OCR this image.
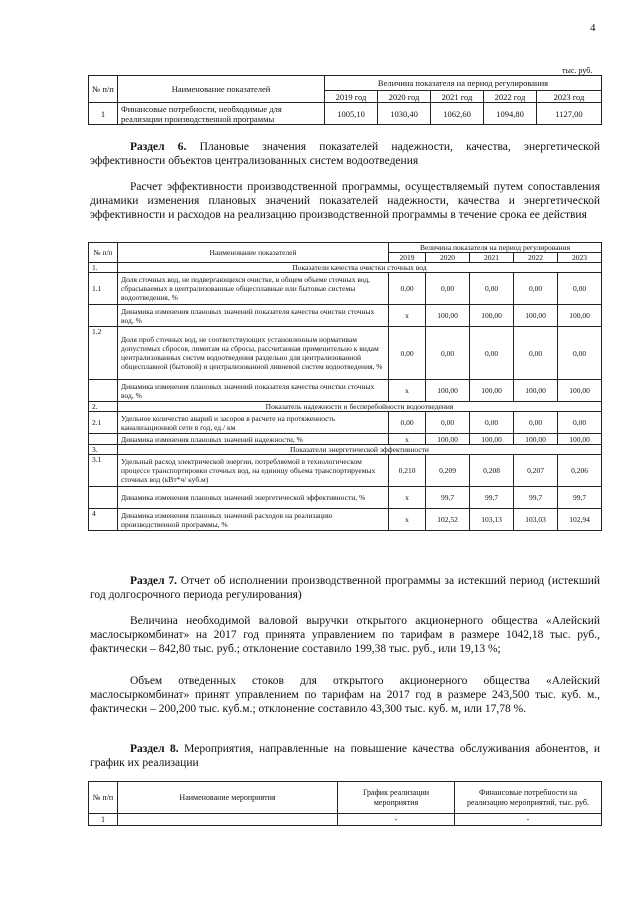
4
тыс. руб.
№ п/п	Наименование показателей	Величина показателя на период регулирования				
		2019 год	2020 год	2021 год	2022 год	2023 год
1	Финансовые потребности, необходимые для реализации производственной программы	1005,10	1030,40	1062,60	1094,80	1127,00
Раздел 6. Плановые значения показателей надежности, качества, энергетической эффективности объектов централизованных систем водоотведения
Расчет эффективности производственной программы, осуществляемый путем сопоставления динамики изменения плановых значений показателей надежности, качества и энергетической эффективности и расходов на реализацию производственной программы в течение срока ее действия
№ п/п	Наименование показателей	Величина показателя на период регулирования				
		2019	2020	2021	2022	2023
1.	Показатели качества очистки сточных вод					
1.1	Доля сточных вод, не подвергающихся очистке, в общем объеме сточных вод, сбрасываемых в централизованные общесплавные или бытовые системы водоотведения, %	0,00	0,00	0,00	0,00	0,00
	Динамика изменения плановых значений показателя качества очистки сточных вод, %	х	100,00	100,00	100,00	100,00
1.2	Доля проб сточных вод, не соответствующих установленным нормативам допустимых сбросов, лимитам на сбросы, рассчитанная применительно к видам централизованных систем водоотведения раздельно для централизованной общесплавной (бытовой) и централизованной ливневой систем водоотведения, %	0,00	0,00	0,00	0,00	0,00
	Динамика изменения плановых значений показателя качества очистки сточных вод, %	х	100,00	100,00	100,00	100,00
2.	Показатель надежности и бесперебойности водоотведения					
2.1	Удельное количество аварий и засоров в расчете на протяженность канализационной сети в год, ед./ км	0,00	0,00	0,00	0,00	0,00
	Динамика изменения плановых значений надежности, %	х	100,00	100,00	100,00	100,00
3.	Показатели энергетической эффективности					
3.1	Удельный расход электрической энергии, потребляемой в технологическом процессе транспортировки сточных вод, на единицу объема транспортируемых сточных вод (кВт*ч/ куб.м)	0,210	0,209	0,208	0,207	0,206
	Динамика изменения плановых значений энергетической эффективности, %	х	99,7	99,7	99,7	99,7
4	Динамика изменения плановых значений расходов на реализацию производственной программы, %	х	102,52	103,13	103,03	102,94
Раздел 7. Отчет об исполнении производственной программы за истекший период (истекший год долгосрочного периода регулирования)
Величина необходимой валовой выручки открытого акционерного общества «Алейский маслосыркомбинат» на 2017 год принята управлением по тарифам в размере 1042,18 тыс. руб., фактически – 842,80 тыс. руб.; отклонение составило 199,38 тыс. руб., или 19,13 %;
Объем отведенных стоков для открытого акционерного общества «Алейский маслосыркомбинат» принят управлением по тарифам на 2017 год в размере 243,500 тыс. куб. м., фактически – 200,200 тыс. куб.м.; отклонение составило 43,300 тыс. куб. м, или 17,78 %.
Раздел 8. Мероприятия, направленные на повышение качества обслуживания абонентов, и график их реализации
№ п/п	Наименование мероприятия	График реализации мероприятия	Финансовые потребности на реализацию мероприятий, тыс. руб.
1		-	-
